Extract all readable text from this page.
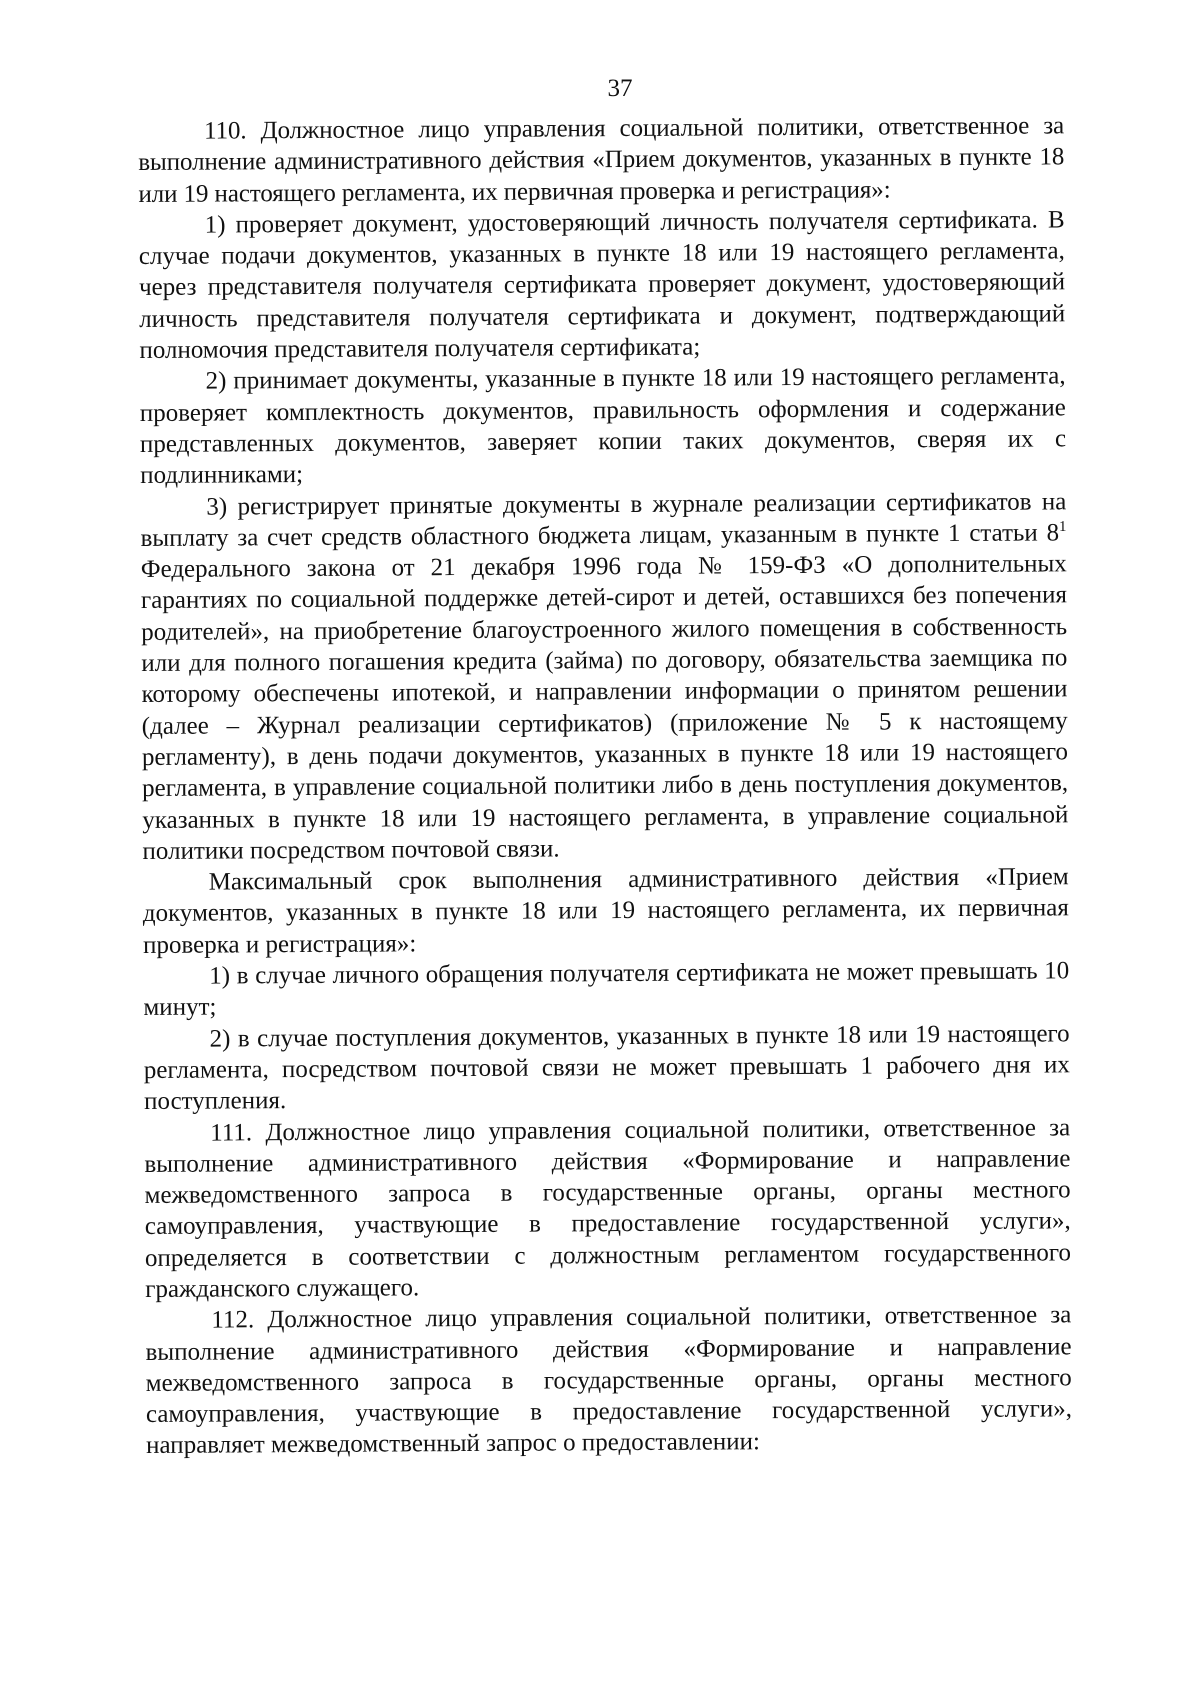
37

110. Должностное лицо управления социальной политики, ответственное за выполнение административного действия «Прием документов, указанных в пункте 18 или 19 настоящего регламента, их первичная проверка и регистрация»:

1) проверяет документ, удостоверяющий личность получателя сертификата. В случае подачи документов, указанных в пункте 18 или 19 настоящего регламента, через представителя получателя сертификата проверяет документ, удостоверяющий личность представителя получателя сертификата и документ, подтверждающий полномочия представителя получателя сертификата;

2) принимает документы, указанные в пункте 18 или 19 настоящего регламента, проверяет комплектность документов, правильность оформления и содержание представленных документов, заверяет копии таких документов, сверяя их с подлинниками;

3) регистрирует принятые документы в журнале реализации сертификатов на выплату за счет средств областного бюджета лицам, указанным в пункте 1 статьи $8^1$ Федерального закона от 21 декабря 1996 года № 159-ФЗ «О дополнительных гарантиях по социальной поддержке детей-сирот и детей, оставшихся без попечения родителей», на приобретение благоустроенного жилого помещения в собственность или для полного погашения кредита (займа) по договору, обязательства заемщика по которому обеспечены ипотекой, и направлении информации о принятом решении (далее – Журнал реализации сертификатов) (приложение № 5 к настоящему регламенту), в день подачи документов, указанных в пункте 18 или 19 настоящего регламента, в управление социальной политики либо в день поступления документов, указанных в пункте 18 или 19 настоящего регламента, в управление социальной политики посредством почтовой связи.

Максимальный срок выполнения административного действия «Прием документов, указанных в пункте 18 или 19 настоящего регламента, их первичная проверка и регистрация»:

1) в случае личного обращения получателя сертификата не может превышать 10 минут;

2) в случае поступления документов, указанных в пункте 18 или 19 настоящего регламента, посредством почтовой связи не может превышать 1 рабочего дня их поступления.

111. Должностное лицо управления социальной политики, ответственное за выполнение административного действия «Формирование и направление межведомственного запроса в государственные органы, органы местного самоуправления, участвующие в предоставление государственной услуги», определяется в соответствии с должностным регламентом государственного гражданского служащего.

112. Должностное лицо управления социальной политики, ответственное за выполнение административного действия «Формирование и направление межведомственного запроса в государственные органы, органы местного самоуправления, участвующие в предоставление государственной услуги», направляет межведомственный запрос о предоставлении:
